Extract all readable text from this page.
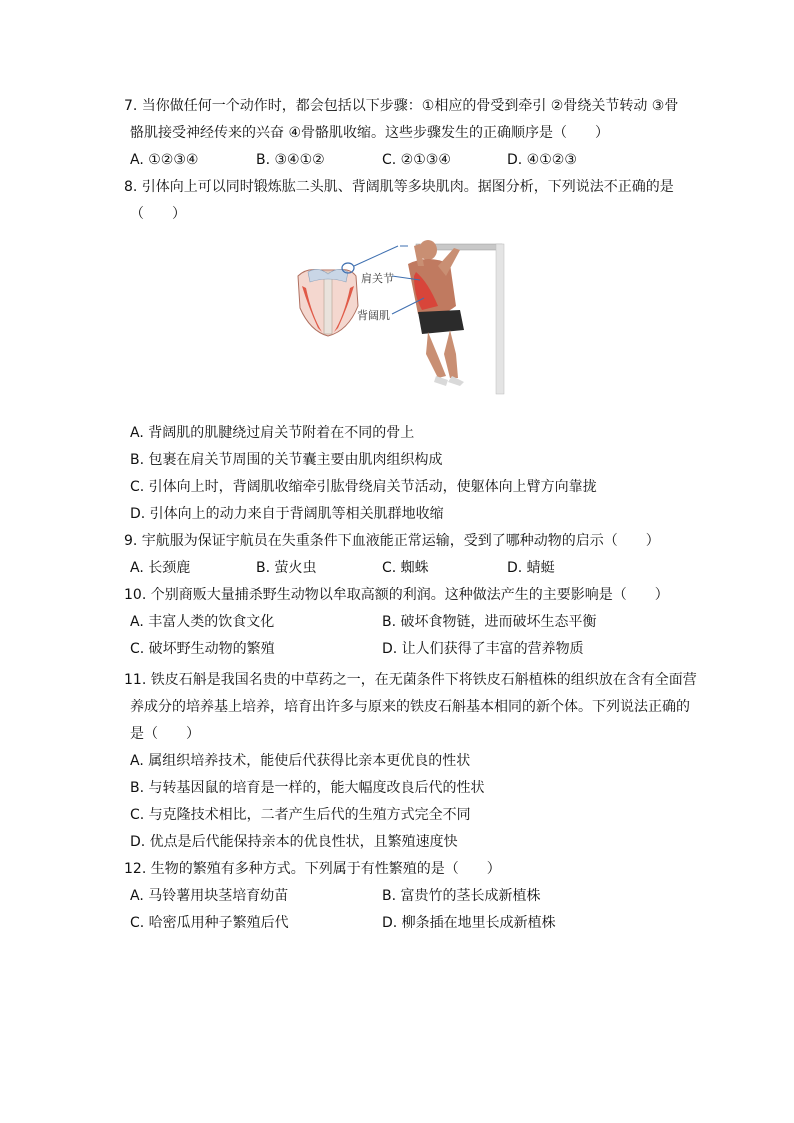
7. 当你做任何一个动作时，都会包括以下步骤：①相应的骨受到牵引 ②骨绕关节转动 ③骨
骼肌接受神经传来的兴奋 ④骨骼肌收缩。这些步骤发生的正确顺序是（　　）
A. ①②③④	B. ③④①②	C. ②①③④	D. ④①②③
8. 引体向上可以同时锻炼肱二头肌、背阔肌等多块肌肉。据图分析，下列说法不正确的是
（　　）
肩关节
背阔肌
A. 背阔肌的肌腱绕过肩关节附着在不同的骨上
B. 包裹在肩关节周围的关节囊主要由肌肉组织构成
C. 引体向上时，背阔肌收缩牵引肱骨绕肩关节活动，使躯体向上臂方向靠拢
D. 引体向上的动力来自于背阔肌等相关肌群地收缩
9. 宇航服为保证宇航员在失重条件下血液能正常运输，受到了哪种动物的启示（　　）
A. 长颈鹿	B. 萤火虫	C. 蜘蛛	D. 蜻蜓
10. 个别商贩大量捕杀野生动物以牟取高额的利润。这种做法产生的主要影响是（　　）
A. 丰富人类的饮食文化	B. 破坏食物链，进而破坏生态平衡
C. 破坏野生动物的繁殖	D. 让人们获得了丰富的营养物质
11. 铁皮石斛是我国名贵的中草药之一，在无菌条件下将铁皮石斛植株的组织放在含有全面营
养成分的培养基上培养，培育出许多与原来的铁皮石斛基本相同的新个体。下列说法正确的
是（　　）
A. 属组织培养技术，能使后代获得比亲本更优良的性状
B. 与转基因鼠的培育是一样的，能大幅度改良后代的性状
C. 与克隆技术相比，二者产生后代的生殖方式完全不同
D. 优点是后代能保持亲本的优良性状，且繁殖速度快
12. 生物的繁殖有多种方式。下列属于有性繁殖的是（　　）
A. 马铃薯用块茎培育幼苗	B. 富贵竹的茎长成新植株
C. 哈密瓜用种子繁殖后代	D. 柳条插在地里长成新植株
